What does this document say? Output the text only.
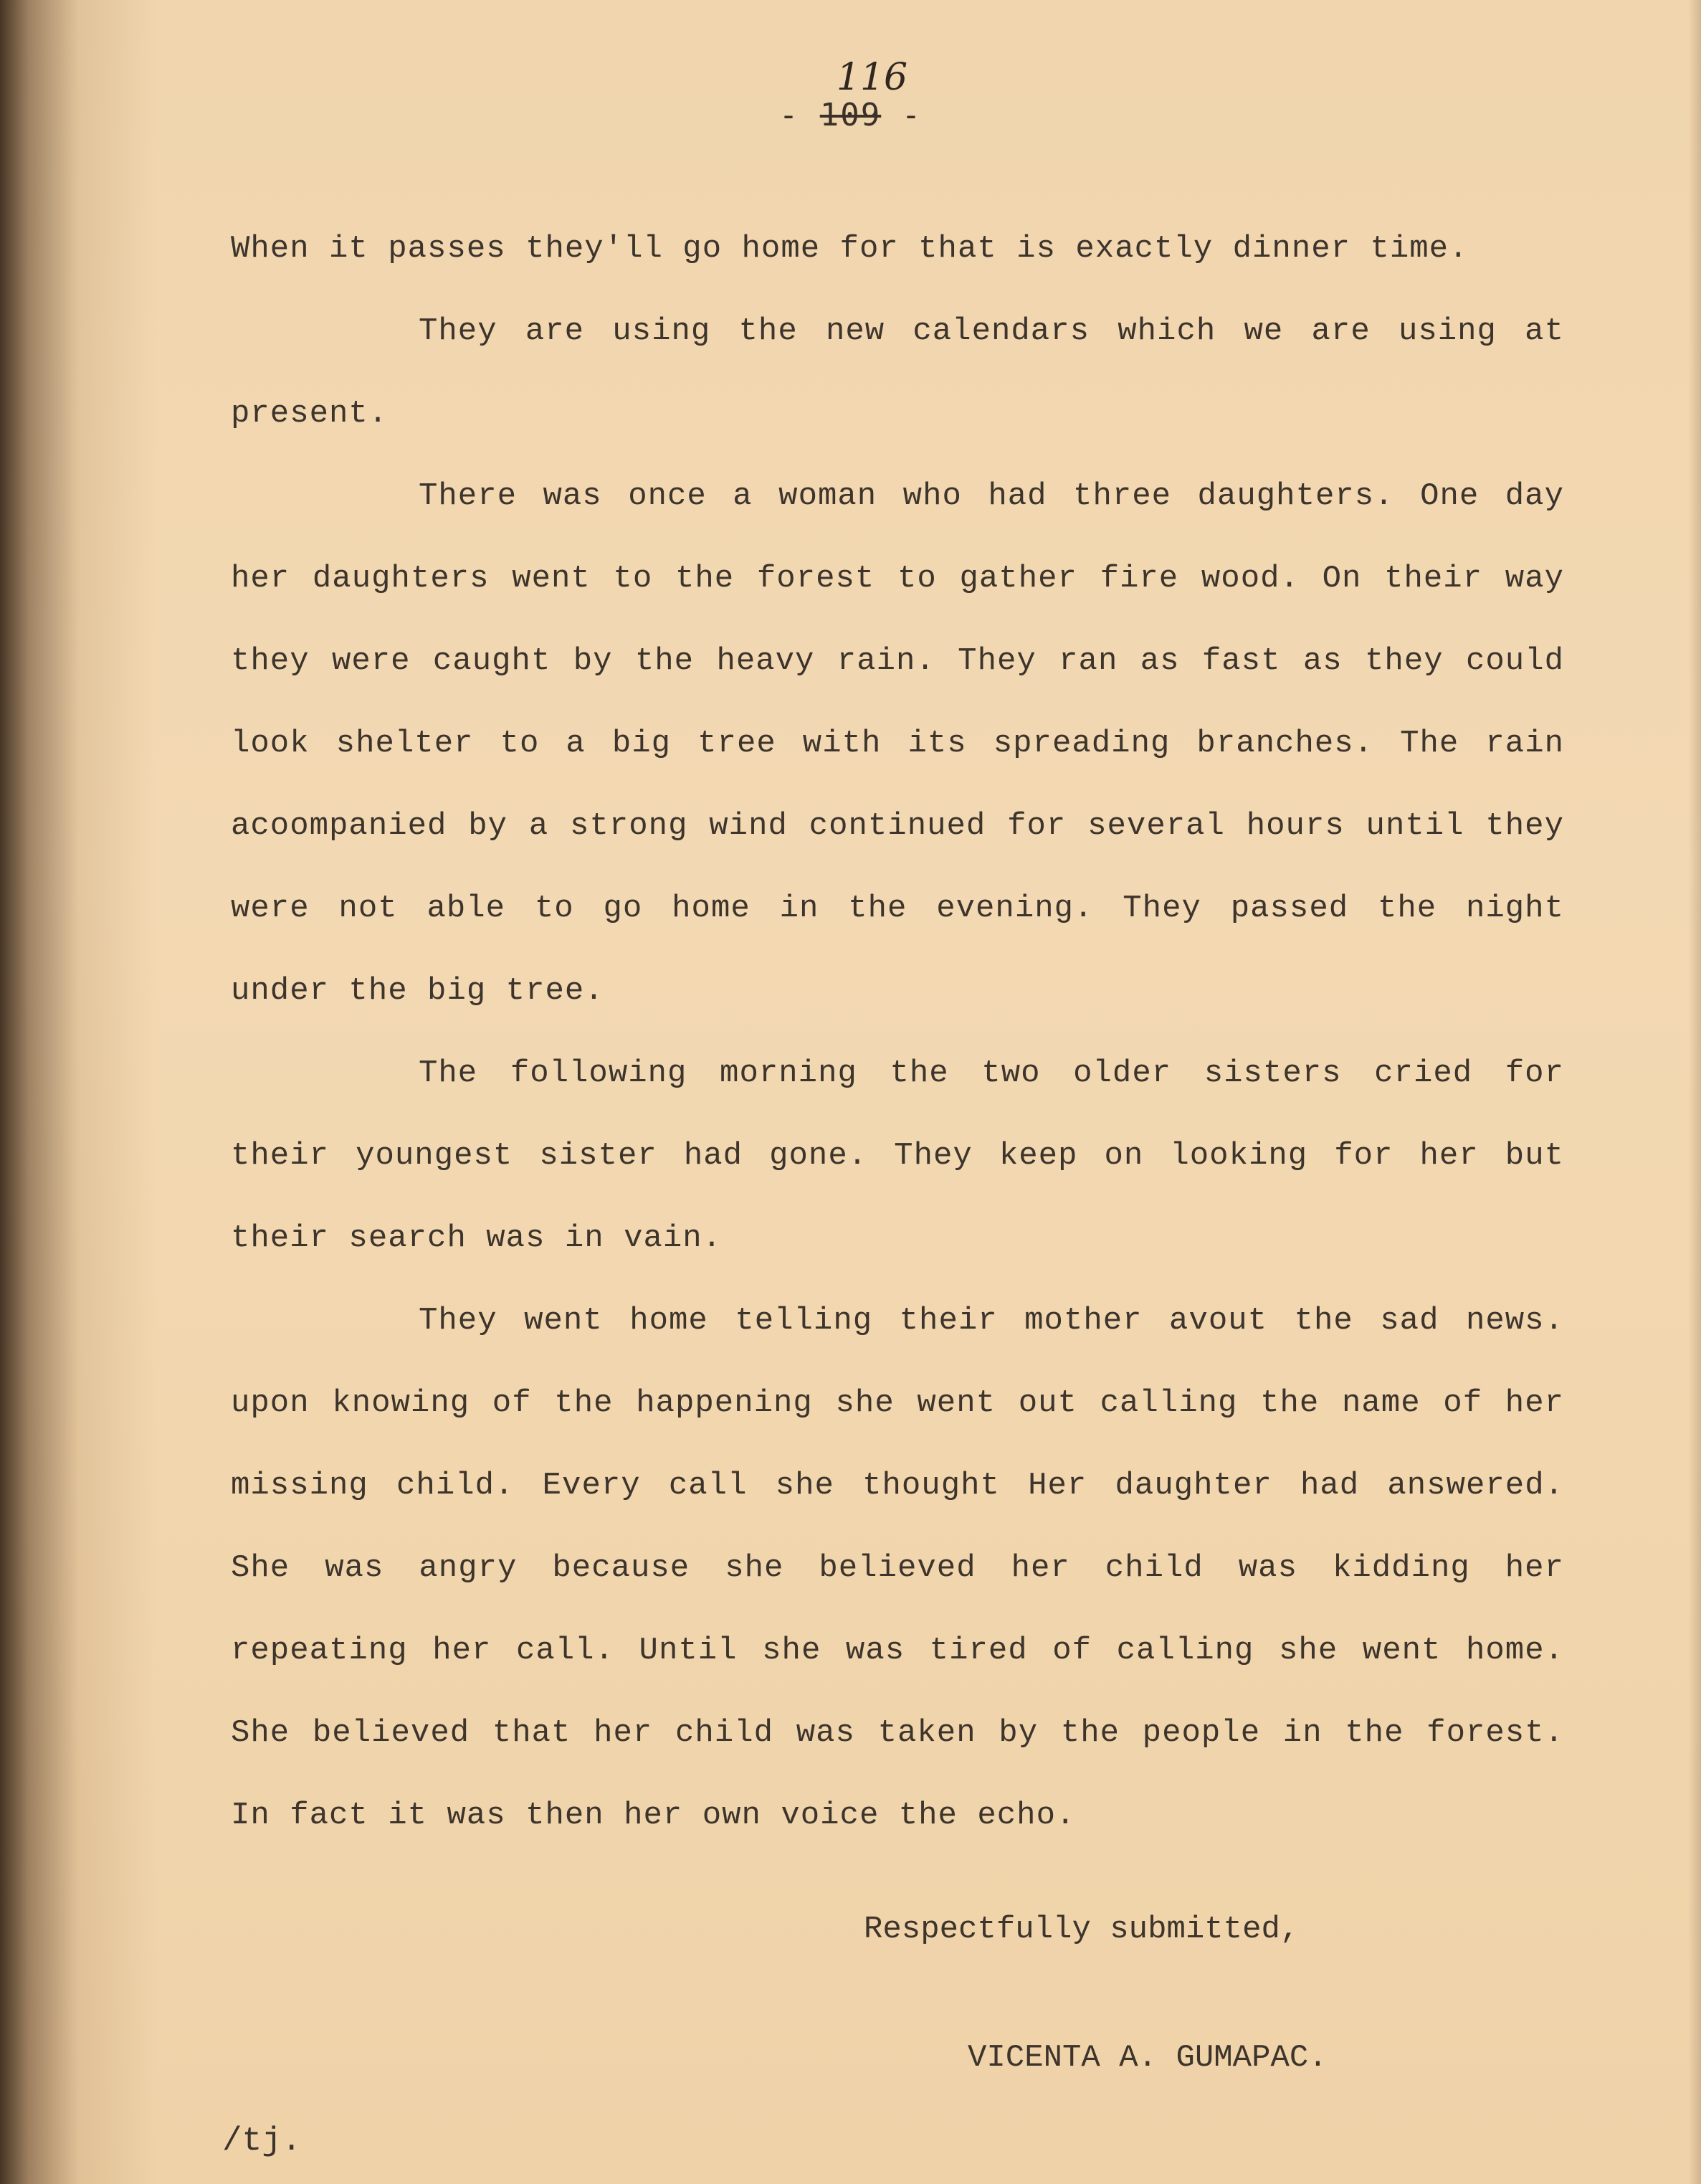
116
- 109 -

When it passes they'll go home for that is exactly dinner time.

They are using the new calendars which we are using at present.

There was once a woman who had three daughters. One day her daughters went to the forest to gather fire wood. On their way they were caught by the heavy rain. They ran as fast as they could look shelter to a big tree with its spreading branches. The rain acoompanied by a strong wind continued for several hours until they were not able to go home in the evening. They passed the night under the big tree.

The following morning the two older sisters cried for their youngest sister had gone. They keep on looking for her but their search was in vain.

They went home telling their mother avout the sad news. upon knowing of the happening she went out calling the name of her missing child. Every call she thought Her daughter had answered. She was angry because she believed her child was kidding her repeating her call. Until she was tired of calling she went home. She believed that her child was taken by the people in the forest. In fact it was then her own voice the echo.

Respectfully submitted,
VICENTA A. GUMAPAC.
/tj.
